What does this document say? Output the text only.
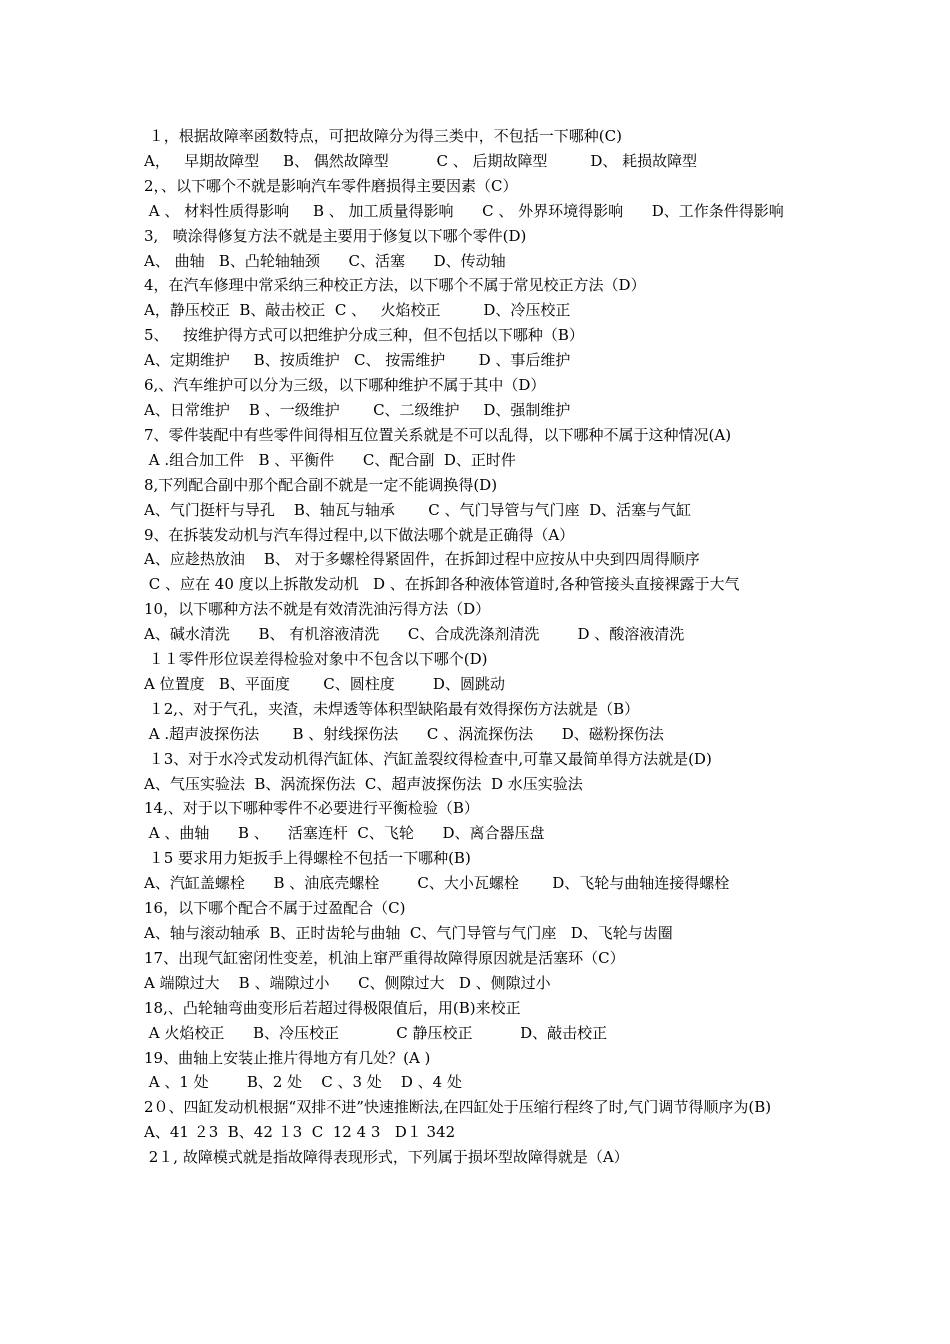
１，根据故障率函数特点，可把故障分为得三类中，不包括一下哪种(C)
A，   早期故障型     B、 偶然故障型          C 、 后期故障型         D、 耗损故障型
2，、以下哪个不就是影响汽车零件磨损得主要因素（C）
A 、 材料性质得影响     B 、 加工质量得影响      C 、 外界环境得影响      D、工作条件得影响
3,   喷涂得修复方法不就是主要用于修复以下哪个零件(D)
A、 曲轴   B、凸轮轴轴颈      C、活塞      D、传动轴
4，在汽车修理中常采纳三种校正方法，以下哪个不属于常见校正方法（D）
A，静压校正  B、敲击校正  C 、   火焰校正         D、冷压校正
5、   按维护得方式可以把维护分成三种，但不包括以下哪种（B）
A、定期维护     B、按质维护   C、 按需维护       D 、事后维护
6,、汽车维护可以分为三级，以下哪种维护不属于其中（D）
A、日常维护    B 、一级维护       C、二级维护     D、强制维护
7、零件装配中有些零件间得相互位置关系就是不可以乱得，以下哪种不属于这种情况(A)
A .组合加工件   B 、平衡件      C、配合副  D、正时件
8,下列配合副中那个配合副不就是一定不能调换得(D)
A、气门挺杆与导孔    B、轴瓦与轴承       C 、气门导管与气门座  D、活塞与气缸
9、在拆装发动机与汽车得过程中,以下做法哪个就是正确得（A）
A、应趁热放油    B、 对于多螺栓得紧固件，在拆卸过程中应按从中央到四周得顺序
C 、应在 40 度以上拆散发动机   D 、在拆卸各种液体管道时,各种管接头直接裸露于大气
10，以下哪种方法不就是有效清洗油污得方法（D）
A、碱水清洗      B、 有机溶液清洗      C、合成洗涤剂清洗        D 、酸溶液清洗
１１零件形位误差得检验对象中不包含以下哪个(D)
A 位置度   B、平面度       C、圆柱度        D、圆跳动
１2,、对于气孔，夹渣，未焊透等体积型缺陷最有效得探伤方法就是（B）
A .超声波探伤法       B 、射线探伤法      C 、涡流探伤法      D、磁粉探伤法
１3、对于水冷式发动机得汽缸体、汽缸盖裂纹得检查中,可靠又最简单得方法就是(D)
A、气压实验法  B、涡流探伤法  C、超声波探伤法  D 水压实验法
14,、对于以下哪种零件不必要进行平衡检验（B）
A 、曲轴      B 、    活塞连杆  C、飞轮      D、离合器压盘
１5 要求用力矩扳手上得螺栓不包括一下哪种(B)
A、汽缸盖螺栓      B 、油底壳螺栓        C、大小瓦螺栓       D、飞轮与曲轴连接得螺栓
16，以下哪个配合不属于过盈配合（C)
A、轴与滚动轴承  B、正时齿轮与曲轴  C、气门导管与气门座   D、飞轮与齿圈
17、出现气缸密闭性变差，机油上窜严重得故障得原因就是活塞环（C）
A 端隙过大    B 、端隙过小      C、侧隙过大   D 、侧隙过小
18,、凸轮轴弯曲变形后若超过得极限值后，用(B)来校正
A 火焰校正      B、冷压校正            C 静压校正          D、敲击校正
19、曲轴上安装止推片得地方有几处？(A )
A 、1 处        B、2 处    C 、3 处    D 、4 处
2０、四缸发动机根据“双排不进”快速推断法,在四缸处于压缩行程终了时,气门调节得顺序为(B)
A、41 ２3  B、42 １3  C  12 4 3   D１ 342
2１, 故障模式就是指故障得表现形式，下列属于损坏型故障得就是（A）
